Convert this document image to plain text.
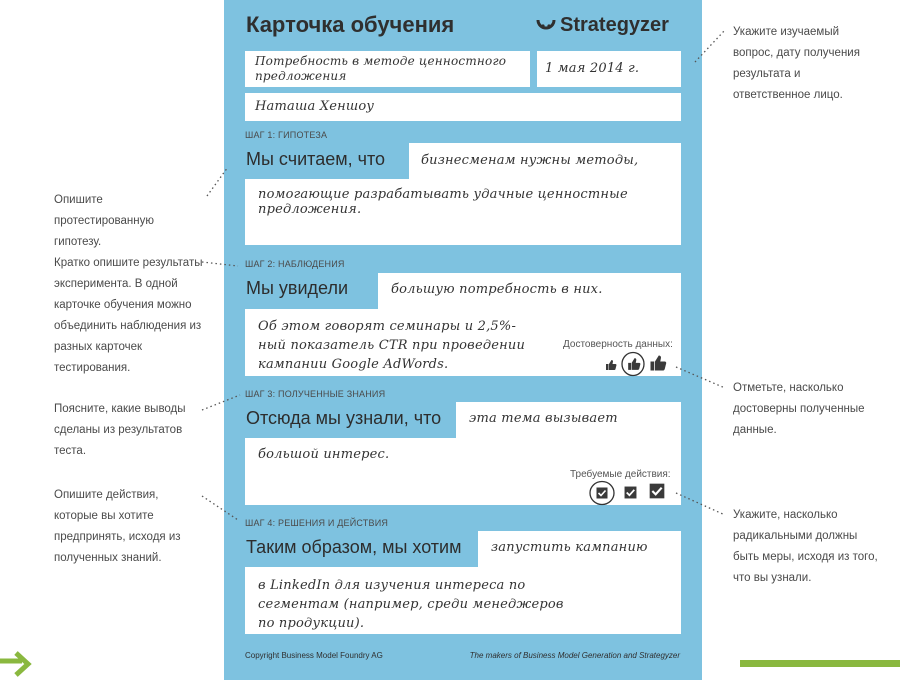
Карточка обучения	Strategyzer
Потребность в методе ценностного предложения	1 мая 2014 г.
Наташа Хеншоу
ШАГ 1: ГИПОТЕЗА
Мы считаем, что	бизнесменам нужны методы,
помогающие разрабатывать удачные ценностные предложения.
ШАГ 2: НАБЛЮДЕНИЯ
Мы увидели	большую потребность в них.
Об этом говорят семинары и 2,5%-ный показатель CTR при проведении кампании Google AdWords.
Достоверность данных:
ШАГ 3: ПОЛУЧЕННЫЕ ЗНАНИЯ
Отсюда мы узнали, что эта тема вызывает
большой интерес.
Требуемые действия:
ШАГ 4: РЕШЕНИЯ И ДЕЙСТВИЯ
Таким образом, мы хотим запустить кампанию
в LinkedIn для изучения интереса по сегментам (например, среди менеджеров по продукции).
Copyright Business Model Foundry AG	The makers of Business Model Generation and Strategyzer
Укажите изучаемый вопрос, дату получения результата и ответственное лицо.
Опишите протестированную гипотезу.
Кратко опишите результаты эксперимента. В одной карточке обучения можно объединить наблюдения из разных карточек тестирования.
Поясните, какие выводы сделаны из результатов теста.
Опишите действия, которые вы хотите предпринять, исходя из полученных знаний.
Отметьте, насколько достоверны полученные данные.
Укажите, насколько радикальными должны быть меры, исходя из того, что вы узнали.
